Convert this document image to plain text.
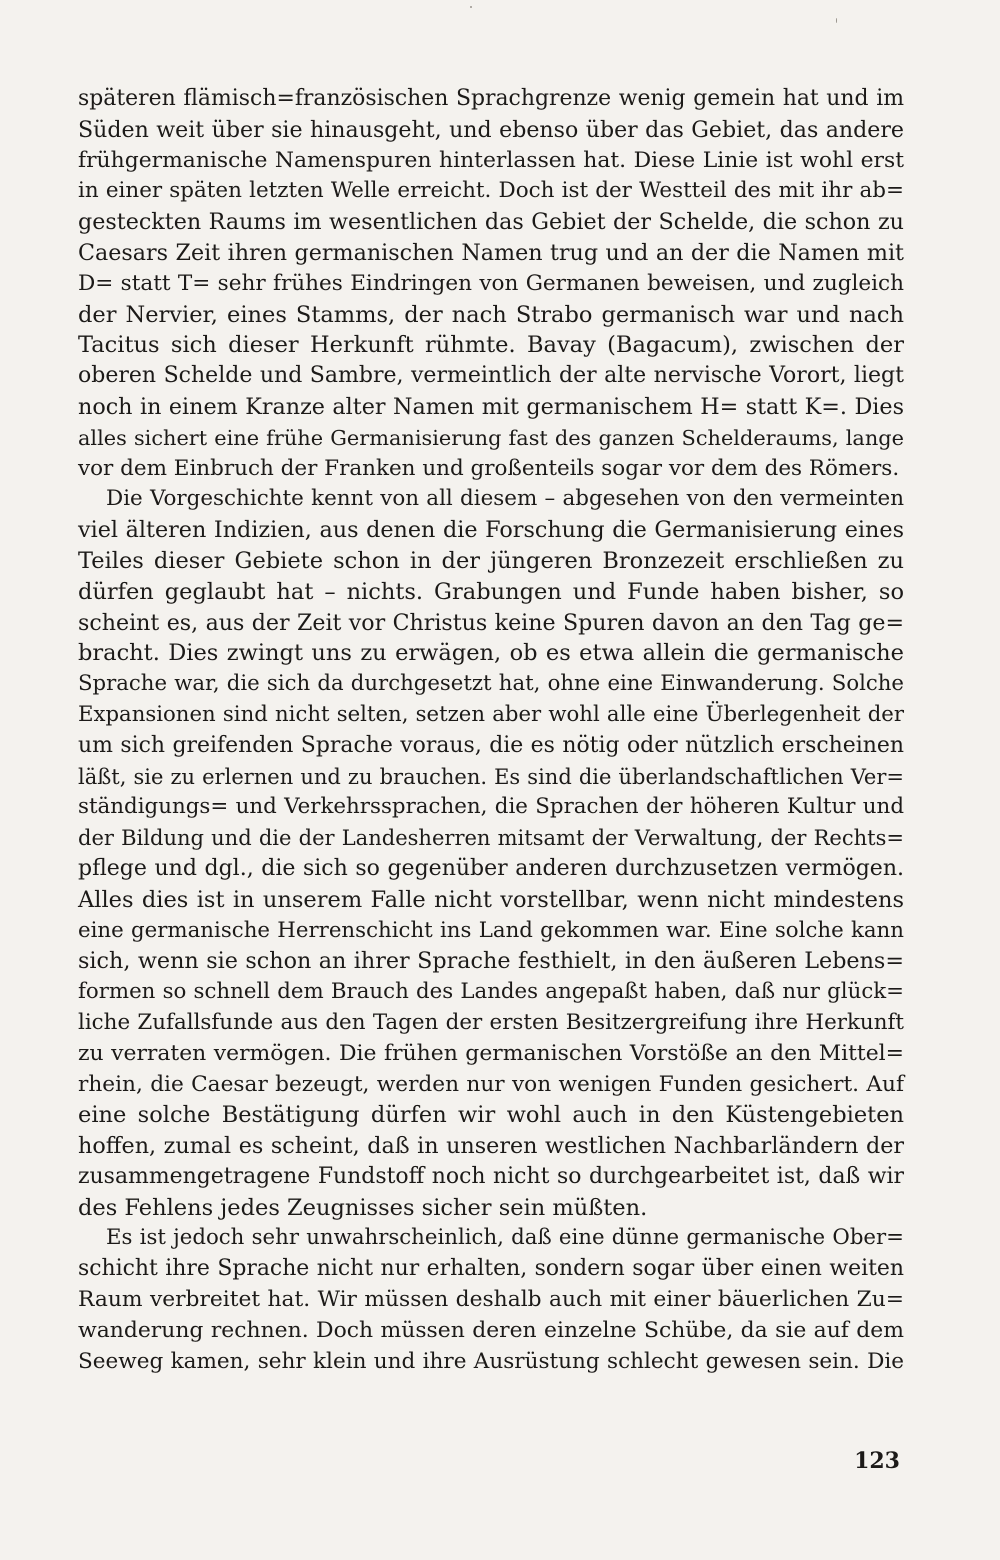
späteren flämisch=französischen Sprachgrenze wenig gemein hat und im
Süden weit über sie hinausgeht, und ebenso über das Gebiet, das andere
frühgermanische Namenspuren hinterlassen hat. Diese Linie ist wohl erst
in einer späten letzten Welle erreicht. Doch ist der Westteil des mit ihr ab=
gesteckten Raums im wesentlichen das Gebiet der Schelde, die schon zu
Caesars Zeit ihren germanischen Namen trug und an der die Namen mit
D= statt T= sehr frühes Eindringen von Germanen beweisen, und zugleich
der Nervier, eines Stamms, der nach Strabo germanisch war und nach
Tacitus sich dieser Herkunft rühmte. Bavay (Bagacum), zwischen der
oberen Schelde und Sambre, vermeintlich der alte nervische Vorort, liegt
noch in einem Kranze alter Namen mit germanischem H= statt K=. Dies
alles sichert eine frühe Germanisierung fast des ganzen Schelderaums, lange
vor dem Einbruch der Franken und großenteils sogar vor dem des Römers.
Die Vorgeschichte kennt von all diesem – abgesehen von den vermeinten
viel älteren Indizien, aus denen die Forschung die Germanisierung eines
Teiles dieser Gebiete schon in der jüngeren Bronzezeit erschließen zu
dürfen geglaubt hat – nichts. Grabungen und Funde haben bisher, so
scheint es, aus der Zeit vor Christus keine Spuren davon an den Tag ge=
bracht. Dies zwingt uns zu erwägen, ob es etwa allein die germanische
Sprache war, die sich da durchgesetzt hat, ohne eine Einwanderung. Solche
Expansionen sind nicht selten, setzen aber wohl alle eine Überlegenheit der
um sich greifenden Sprache voraus, die es nötig oder nützlich erscheinen
läßt, sie zu erlernen und zu brauchen. Es sind die überlandschaftlichen Ver=
ständigungs= und Verkehrssprachen, die Sprachen der höheren Kultur und
der Bildung und die der Landesherren mitsamt der Verwaltung, der Rechts=
pflege und dgl., die sich so gegenüber anderen durchzusetzen vermögen.
Alles dies ist in unserem Falle nicht vorstellbar, wenn nicht mindestens
eine germanische Herrenschicht ins Land gekommen war. Eine solche kann
sich, wenn sie schon an ihrer Sprache festhielt, in den äußeren Lebens=
formen so schnell dem Brauch des Landes angepaßt haben, daß nur glück=
liche Zufallsfunde aus den Tagen der ersten Besitzergreifung ihre Herkunft
zu verraten vermögen. Die frühen germanischen Vorstöße an den Mittel=
rhein, die Caesar bezeugt, werden nur von wenigen Funden gesichert. Auf
eine solche Bestätigung dürfen wir wohl auch in den Küstengebieten
hoffen, zumal es scheint, daß in unseren westlichen Nachbarländern der
zusammengetragene Fundstoff noch nicht so durchgearbeitet ist, daß wir
des Fehlens jedes Zeugnisses sicher sein müßten.
Es ist jedoch sehr unwahrscheinlich, daß eine dünne germanische Ober=
schicht ihre Sprache nicht nur erhalten, sondern sogar über einen weiten
Raum verbreitet hat. Wir müssen deshalb auch mit einer bäuerlichen Zu=
wanderung rechnen. Doch müssen deren einzelne Schübe, da sie auf dem
Seeweg kamen, sehr klein und ihre Ausrüstung schlecht gewesen sein. Die
123
